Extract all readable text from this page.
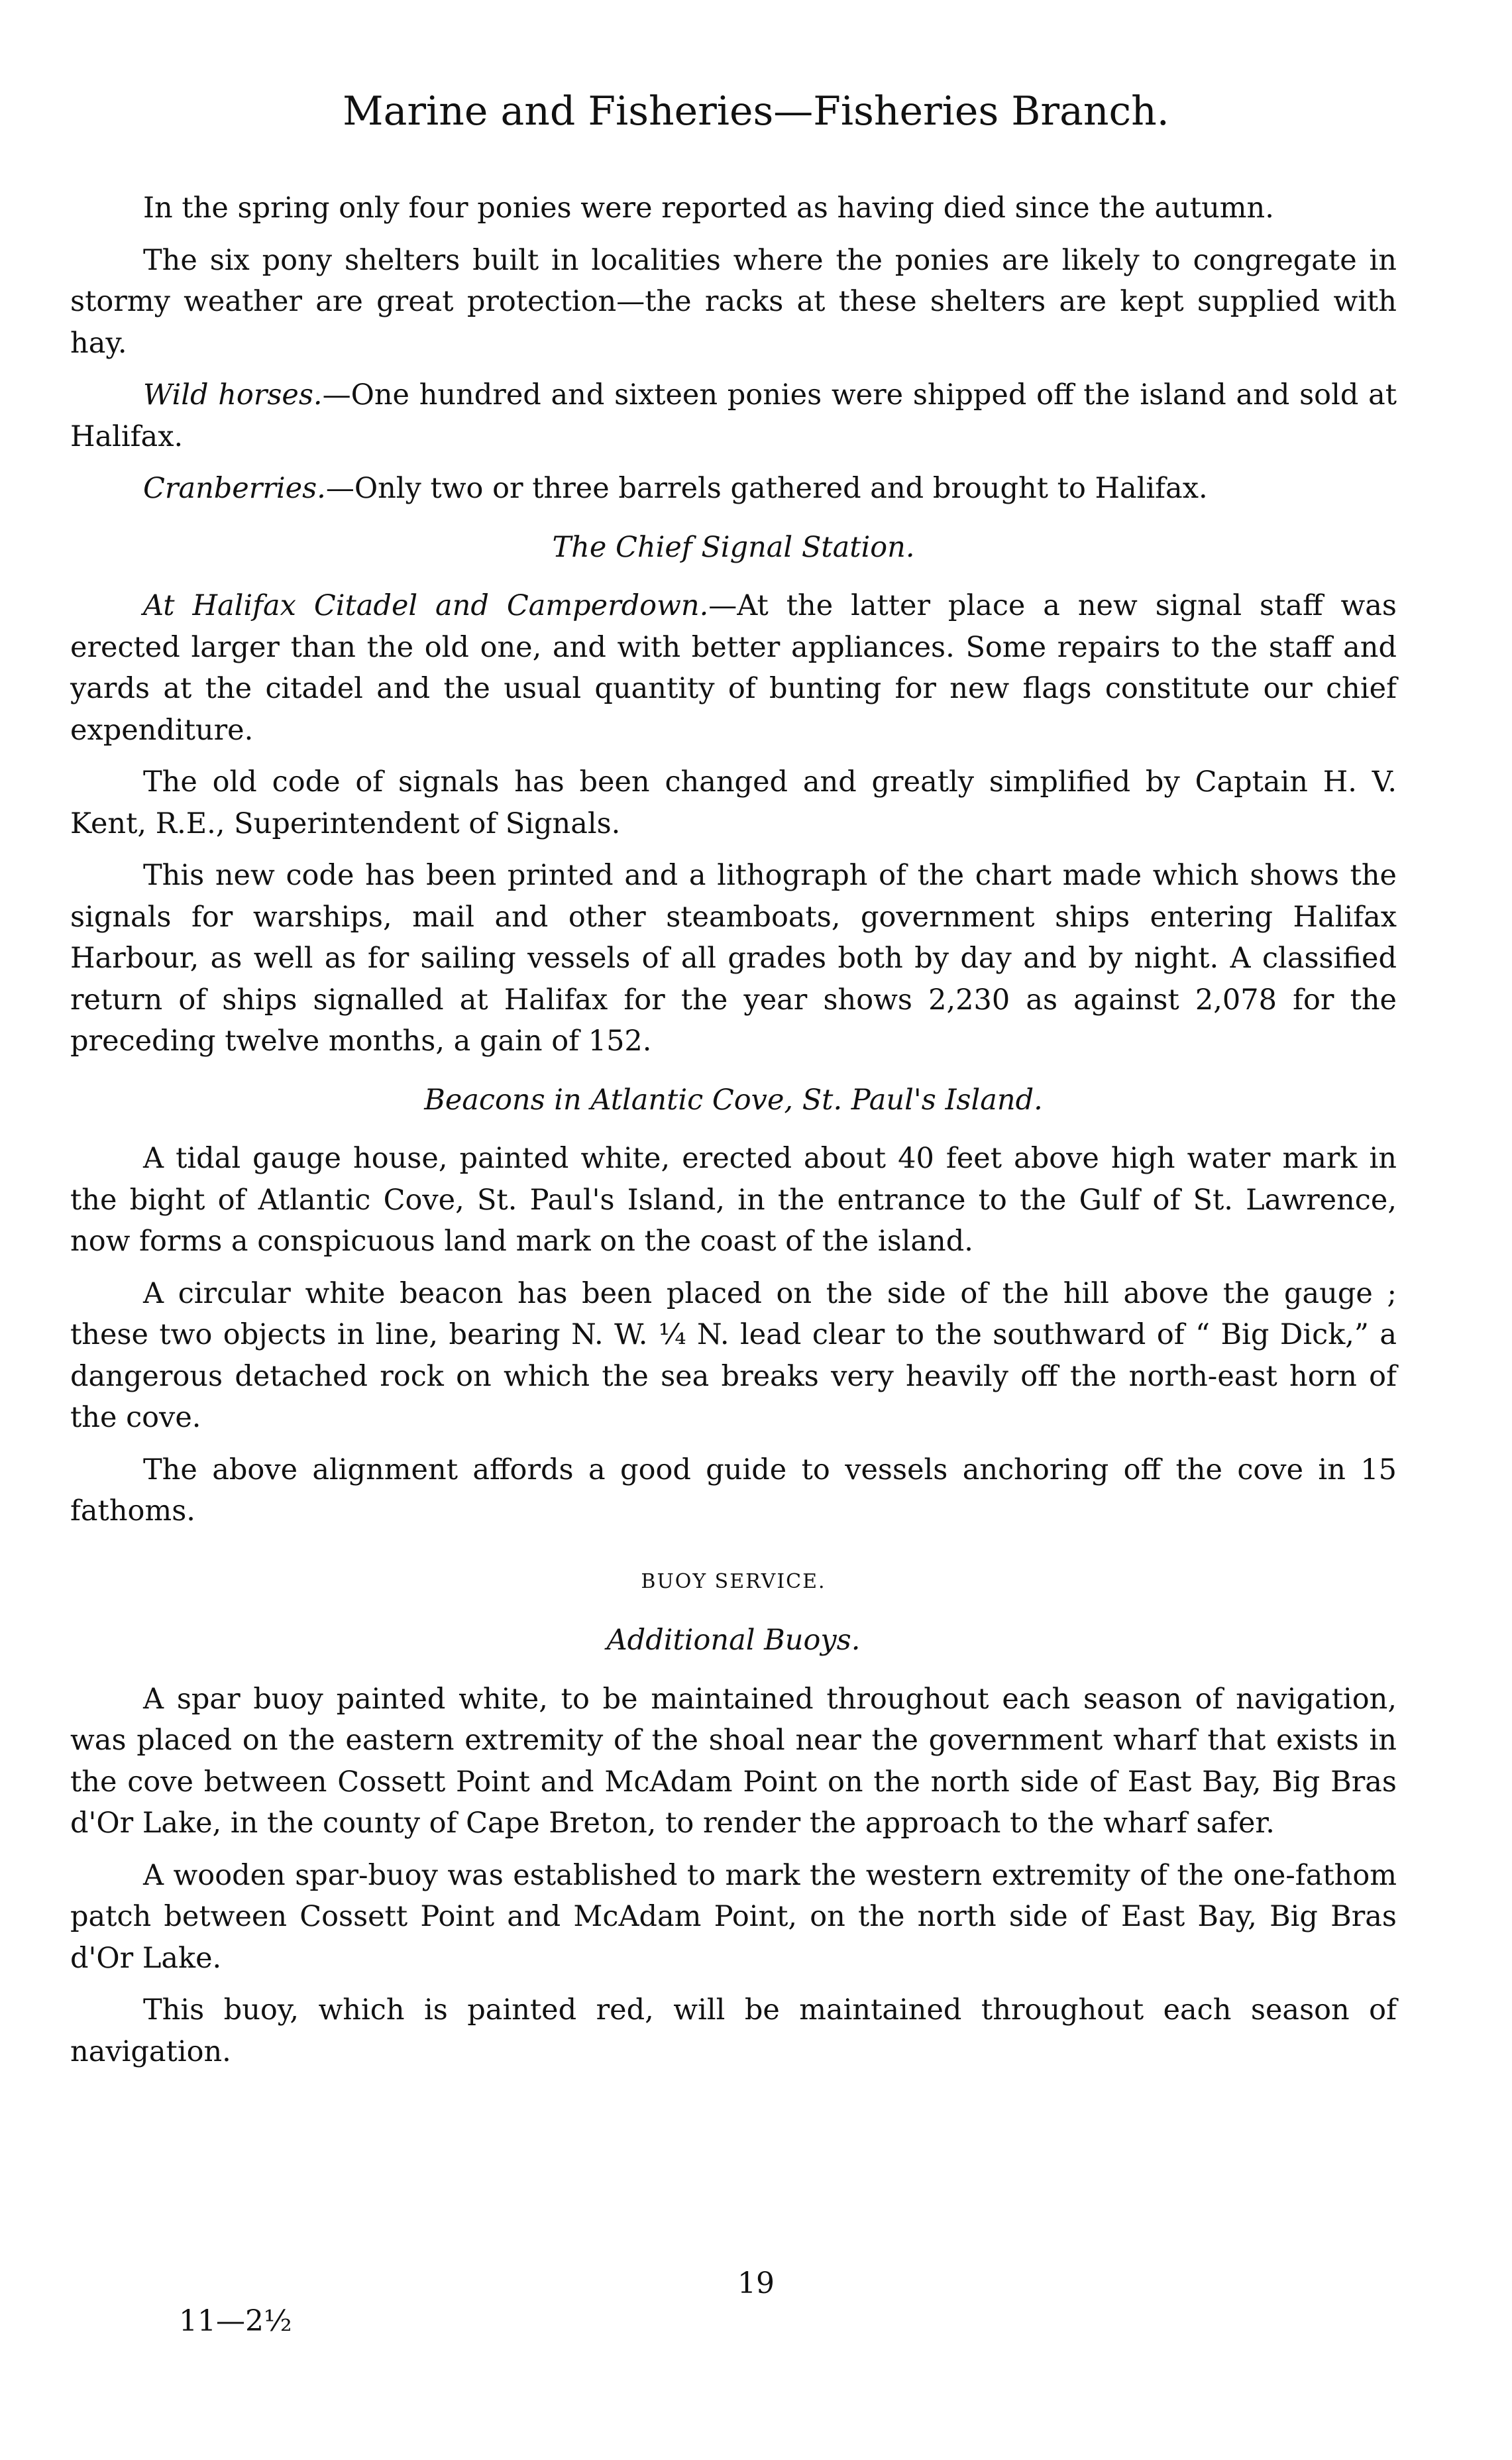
Marine and Fisheries—Fisheries Branch.

In the spring only four ponies were reported as having died since the autumn.

The six pony shelters built in localities where the ponies are likely to congregate in stormy weather are great protection—the racks at these shelters are kept supplied with hay.

Wild horses.—One hundred and sixteen ponies were shipped off the island and sold at Halifax.

Cranberries.—Only two or three barrels gathered and brought to Halifax.

The Chief Signal Station.

At Halifax Citadel and Camperdown.—At the latter place a new signal staff was erected larger than the old one, and with better appliances. Some repairs to the staff and yards at the citadel and the usual quantity of bunting for new flags constitute our chief expenditure.

The old code of signals has been changed and greatly simplified by Captain H. V. Kent, R.E., Superintendent of Signals.

This new code has been printed and a lithograph of the chart made which shows the signals for warships, mail and other steamboats, government ships entering Halifax Harbour, as well as for sailing vessels of all grades both by day and by night. A classified return of ships signalled at Halifax for the year shows 2,230 as against 2,078 for the preceding twelve months, a gain of 152.

Beacons in Atlantic Cove, St. Paul's Island.

A tidal gauge house, painted white, erected about 40 feet above high water mark in the bight of Atlantic Cove, St. Paul's Island, in the entrance to the Gulf of St. Lawrence, now forms a conspicuous land mark on the coast of the island.

A circular white beacon has been placed on the side of the hill above the gauge ; these two objects in line, bearing N. W. ¼ N. lead clear to the southward of “ Big Dick,” a dangerous detached rock on which the sea breaks very heavily off the north-east horn of the cove.

The above alignment affords a good guide to vessels anchoring off the cove in 15 fathoms.

BUOY SERVICE.
Additional Buoys.

A spar buoy painted white, to be maintained throughout each season of navigation, was placed on the eastern extremity of the shoal near the government wharf that exists in the cove between Cossett Point and McAdam Point on the north side of East Bay, Big Bras d'Or Lake, in the county of Cape Breton, to render the approach to the wharf safer.

A wooden spar-buoy was established to mark the western extremity of the one-fathom patch between Cossett Point and McAdam Point, on the north side of East Bay, Big Bras d'Or Lake.

This buoy, which is painted red, will be maintained throughout each season of navigation.

19
11—2½
